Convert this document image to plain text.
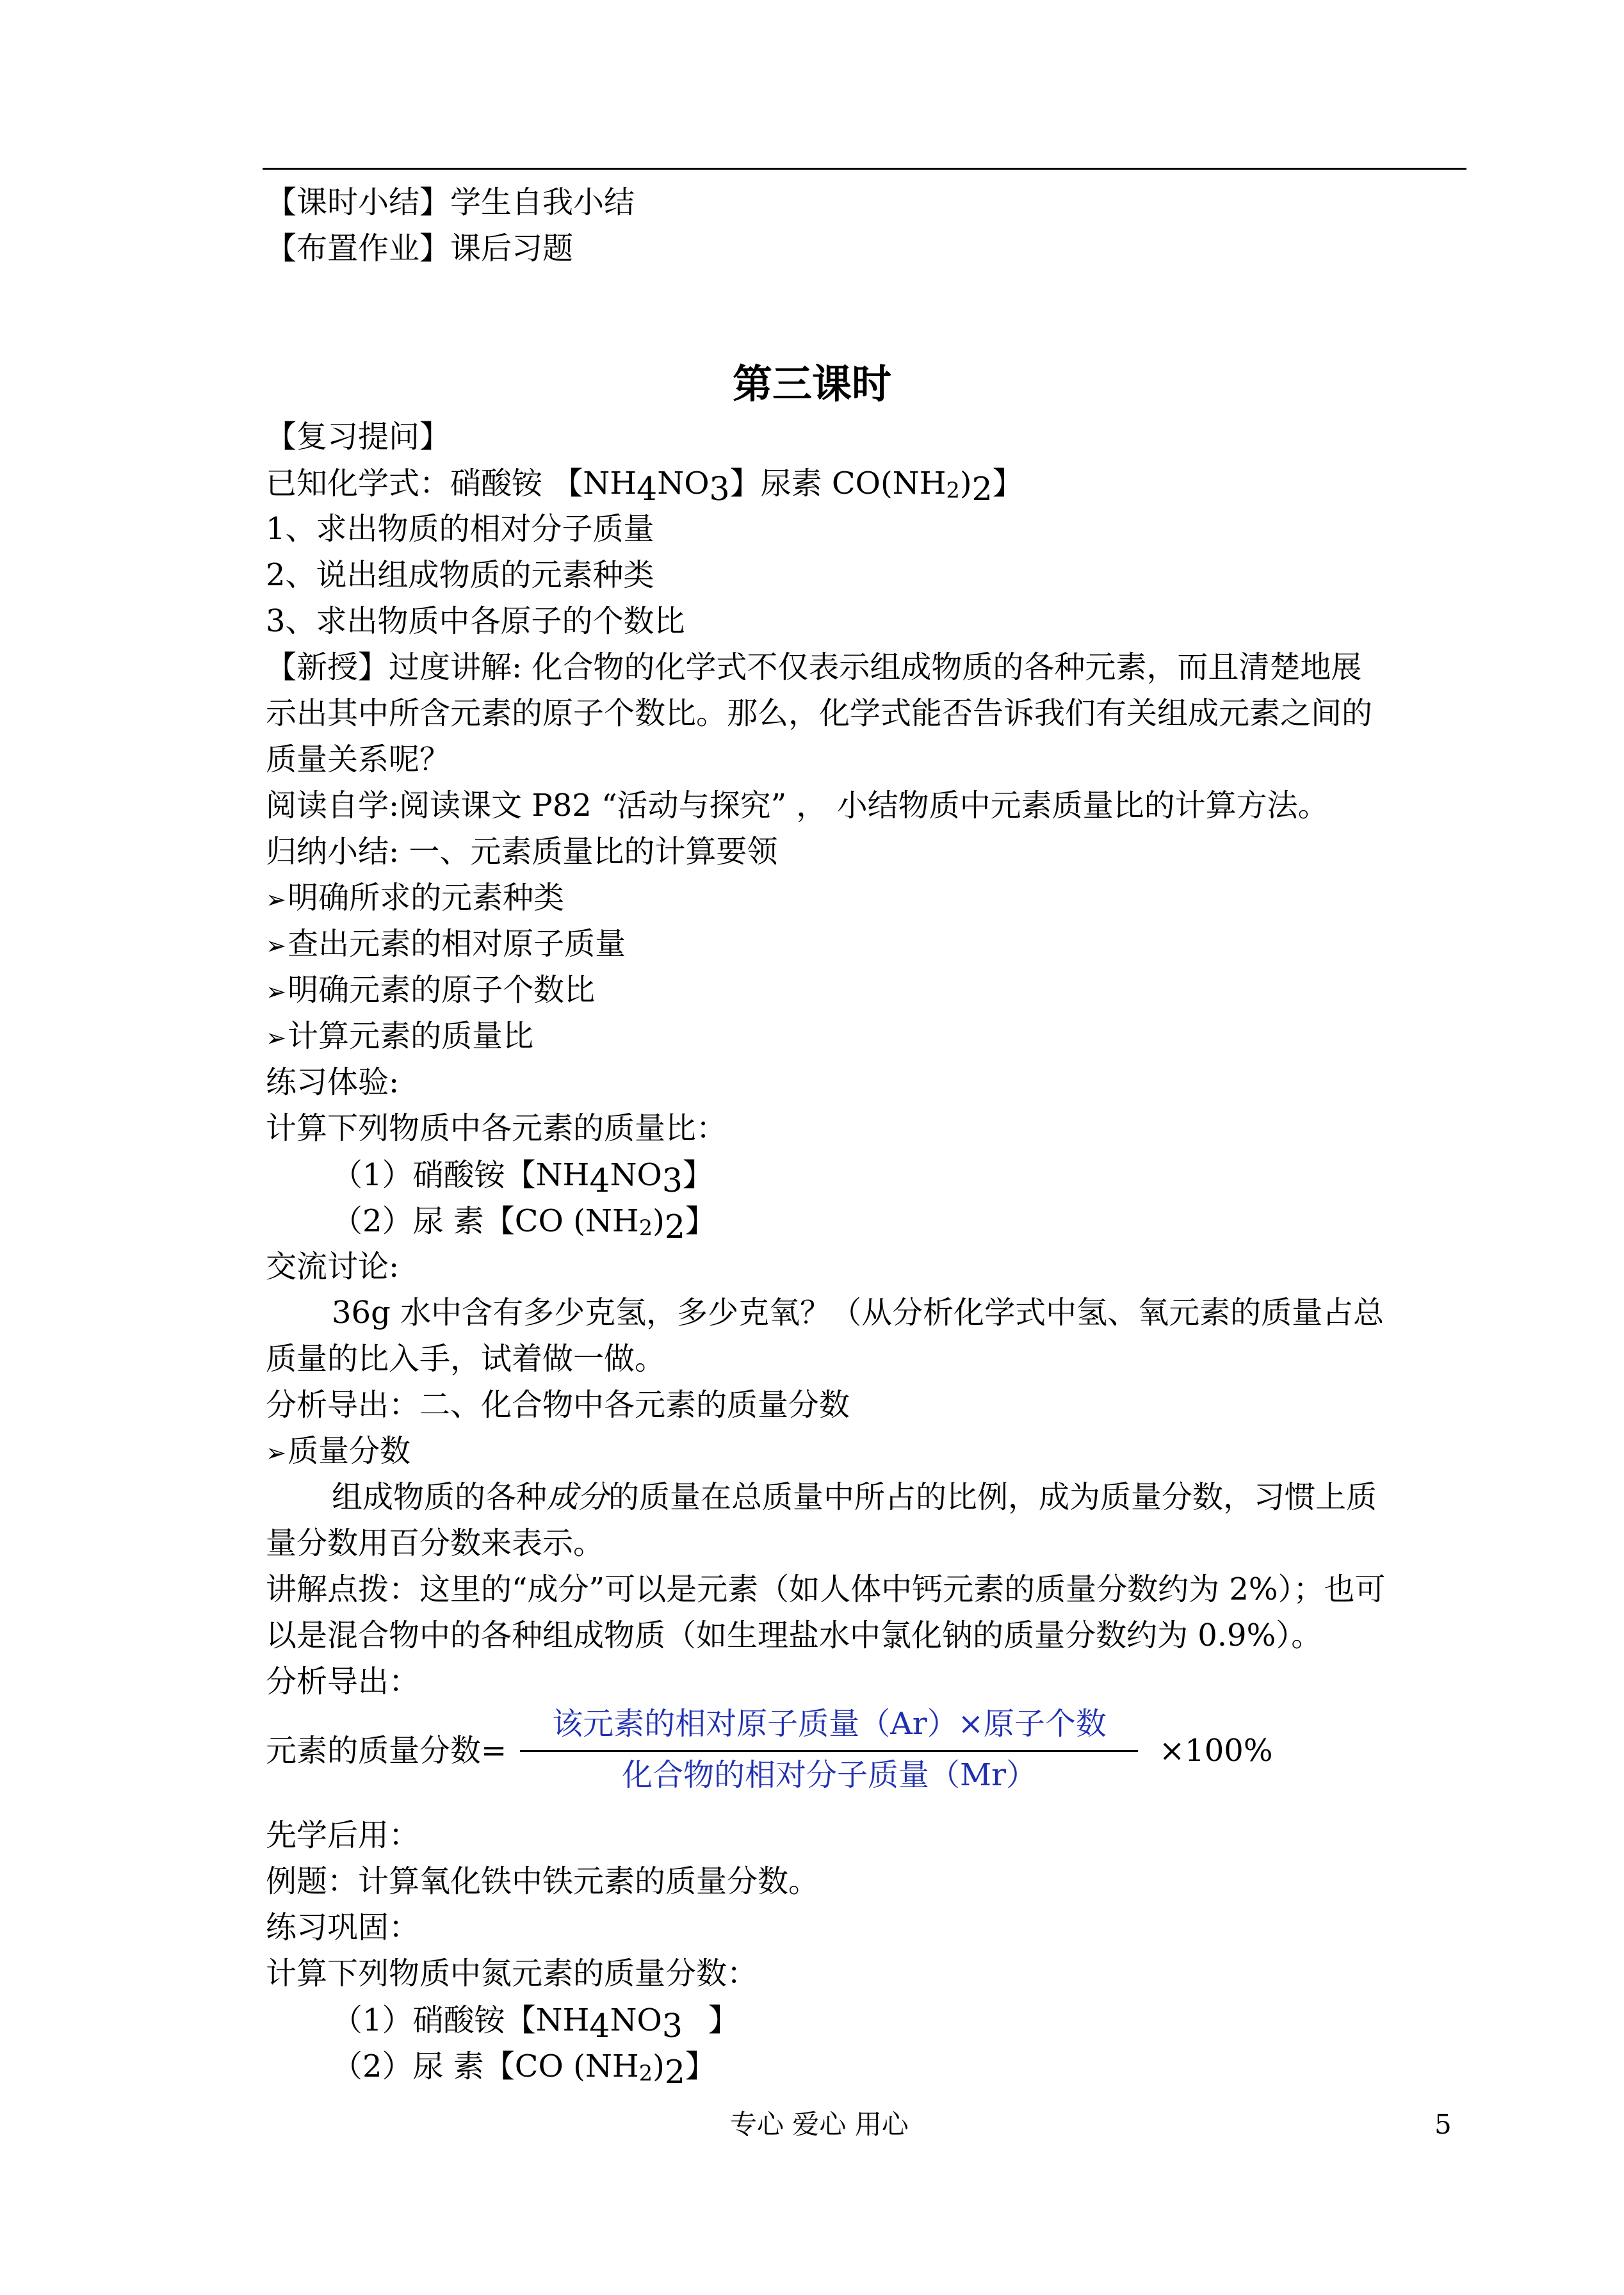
【课时小结】学生自我小结
【布置作业】课后习题
第三课时
【复习提问】
已知化学式：硝酸铵 【NH4NO3】尿素 CO(NH2)2】
1、求出物质的相对分子质量
2、说出组成物质的元素种类
3、求出物质中各原子的个数比
【新授】过度讲解: 化合物的化学式不仅表示组成物质的各种元素，而且清楚地展
示出其中所含元素的原子个数比。那么，化学式能否告诉我们有关组成元素之间的
质量关系呢？
阅读自学:阅读课文 P82 “活动与探究” ， 小结物质中元素质量比的计算方法。
归纳小结: 一、元素质量比的计算要领
➢明确所求的元素种类
➢查出元素的相对原子质量
➢明确元素的原子个数比
➢计算元素的质量比
练习体验:
计算下列物质中各元素的质量比：
（1）硝酸铵【NH4NO3】
（2）尿 素【CO (NH2)2】
交流讨论:
36g 水中含有多少克氢，多少克氧？（从分析化学式中氢、氧元素的质量占总
质量的比入手，试着做一做。
分析导出：二、化合物中各元素的质量分数
➢质量分数
组成物质的各种成分的质量在总质量中所占的比例，成为质量分数，习惯上质
量分数用百分数来表示。
讲解点拨：这里的“成分”可以是元素（如人体中钙元素的质量分数约为 2%）；也可
以是混合物中的各种组成物质（如生理盐水中氯化钠的质量分数约为 0.9%）。
分析导出：
元素的质量分数=
该元素的相对原子质量（Ar）×原子个数
化合物的相对分子质量（Mr）
×100%
先学后用：
例题：计算氧化铁中铁元素的质量分数。
练习巩固：
计算下列物质中氮元素的质量分数：
（1）硝酸铵【NH4NO3 】
（2）尿 素【CO (NH2)2】
专心 爱心 用心	5
